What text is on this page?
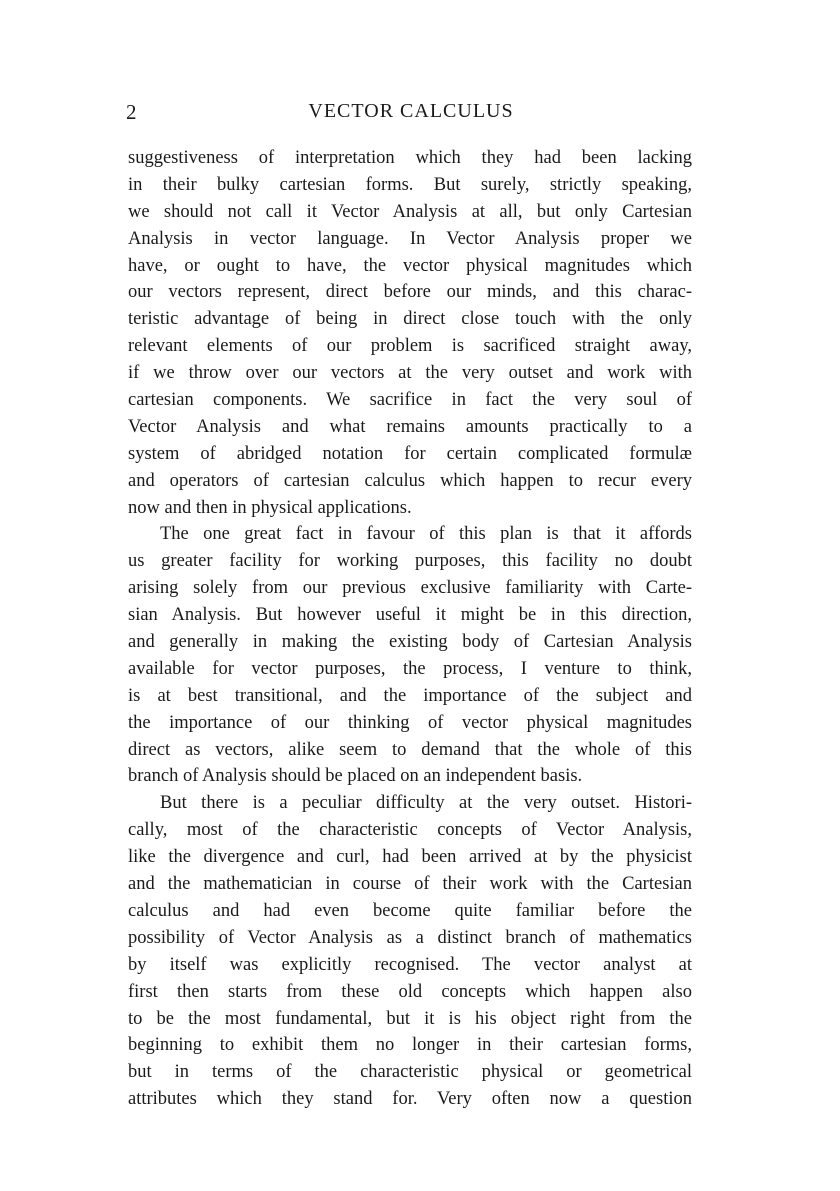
2	VECTOR CALCULUS
suggestiveness of interpretation which they had been lacking
in their bulky cartesian forms. But surely, strictly speaking,
we should not call it Vector Analysis at all, but only Cartesian
Analysis in vector language. In Vector Analysis proper we
have, or ought to have, the vector physical magnitudes which
our vectors represent, direct before our minds, and this charac-
teristic advantage of being in direct close touch with the only
relevant elements of our problem is sacrificed straight away,
if we throw over our vectors at the very outset and work with
cartesian components. We sacrifice in fact the very soul of
Vector Analysis and what remains amounts practically to a
system of abridged notation for certain complicated formulæ
and operators of cartesian calculus which happen to recur every
now and then in physical applications.
The one great fact in favour of this plan is that it affords
us greater facility for working purposes, this facility no doubt
arising solely from our previous exclusive familiarity with Carte-
sian Analysis. But however useful it might be in this direction,
and generally in making the existing body of Cartesian Analysis
available for vector purposes, the process, I venture to think,
is at best transitional, and the importance of the subject and
the importance of our thinking of vector physical magnitudes
direct as vectors, alike seem to demand that the whole of this
branch of Analysis should be placed on an independent basis.
But there is a peculiar difficulty at the very outset. Histori-
cally, most of the characteristic concepts of Vector Analysis,
like the divergence and curl, had been arrived at by the physicist
and the mathematician in course of their work with the Cartesian
calculus and had even become quite familiar before the
possibility of Vector Analysis as a distinct branch of mathematics
by itself was explicitly recognised. The vector analyst at
first then starts from these old concepts which happen also
to be the most fundamental, but it is his object right from the
beginning to exhibit them no longer in their cartesian forms,
but in terms of the characteristic physical or geometrical
attributes which they stand for. Very often now a question
